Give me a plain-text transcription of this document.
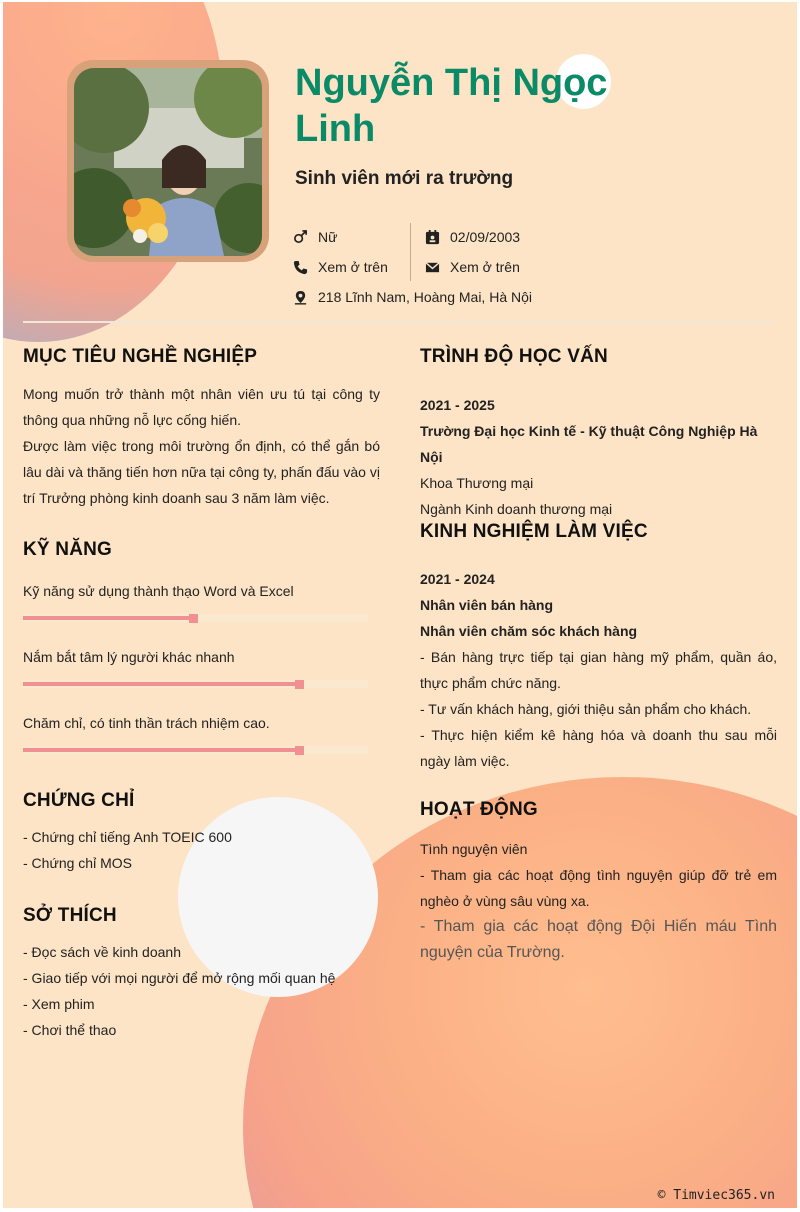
Nguyễn Thị Ngọc Linh
Sinh viên mới ra trường
Nữ
Xem ở trên
218 Lĩnh Nam, Hoàng Mai, Hà Nội
02/09/2003
Xem ở trên
MỤC TIÊU NGHỀ NGHIỆP
Mong muốn trở thành một nhân viên ưu tú tại công ty thông qua những nỗ lực cống hiến.
Được làm việc trong môi trường ổn định, có thể gắn bó lâu dài và thăng tiến hơn nữa tại công ty, phấn đấu vào vị trí Trưởng phòng kinh doanh sau 3 năm làm việc.
KỸ NĂNG
Kỹ năng sử dụng thành thạo Word và Excel
Nắm bắt tâm lý người khác nhanh
Chăm chỉ, có tinh thần trách nhiệm cao.
CHỨNG CHỈ
- Chứng chỉ tiếng Anh TOEIC 600
- Chứng chỉ MOS
SỞ THÍCH
- Đọc sách về kinh doanh
- Giao tiếp với mọi người để mở rộng mối quan hệ
- Xem phim
- Chơi thể thao
TRÌNH ĐỘ HỌC VẤN
2021 - 2025
Trường Đại học Kinh tế - Kỹ thuật Công Nghiệp Hà Nội
Khoa Thương mại
Ngành Kinh doanh thương mại
KINH NGHIỆM LÀM VIỆC
2021 - 2024
Nhân viên bán hàng
Nhân viên chăm sóc khách hàng
- Bán hàng trực tiếp tại gian hàng mỹ phẩm, quần áo, thực phẩm chức năng.
- Tư vấn khách hàng, giới thiệu sản phẩm cho khách.
- Thực hiện kiểm kê hàng hóa và doanh thu sau mỗi ngày làm việc.
HOẠT ĐỘNG
Tình nguyện viên
- Tham gia các hoạt động tình nguyện giúp đỡ trẻ em nghèo ở vùng sâu vùng xa.
- Tham gia các hoạt động Đội Hiến máu Tình nguyện của Trường.
© Timviec365.vn
